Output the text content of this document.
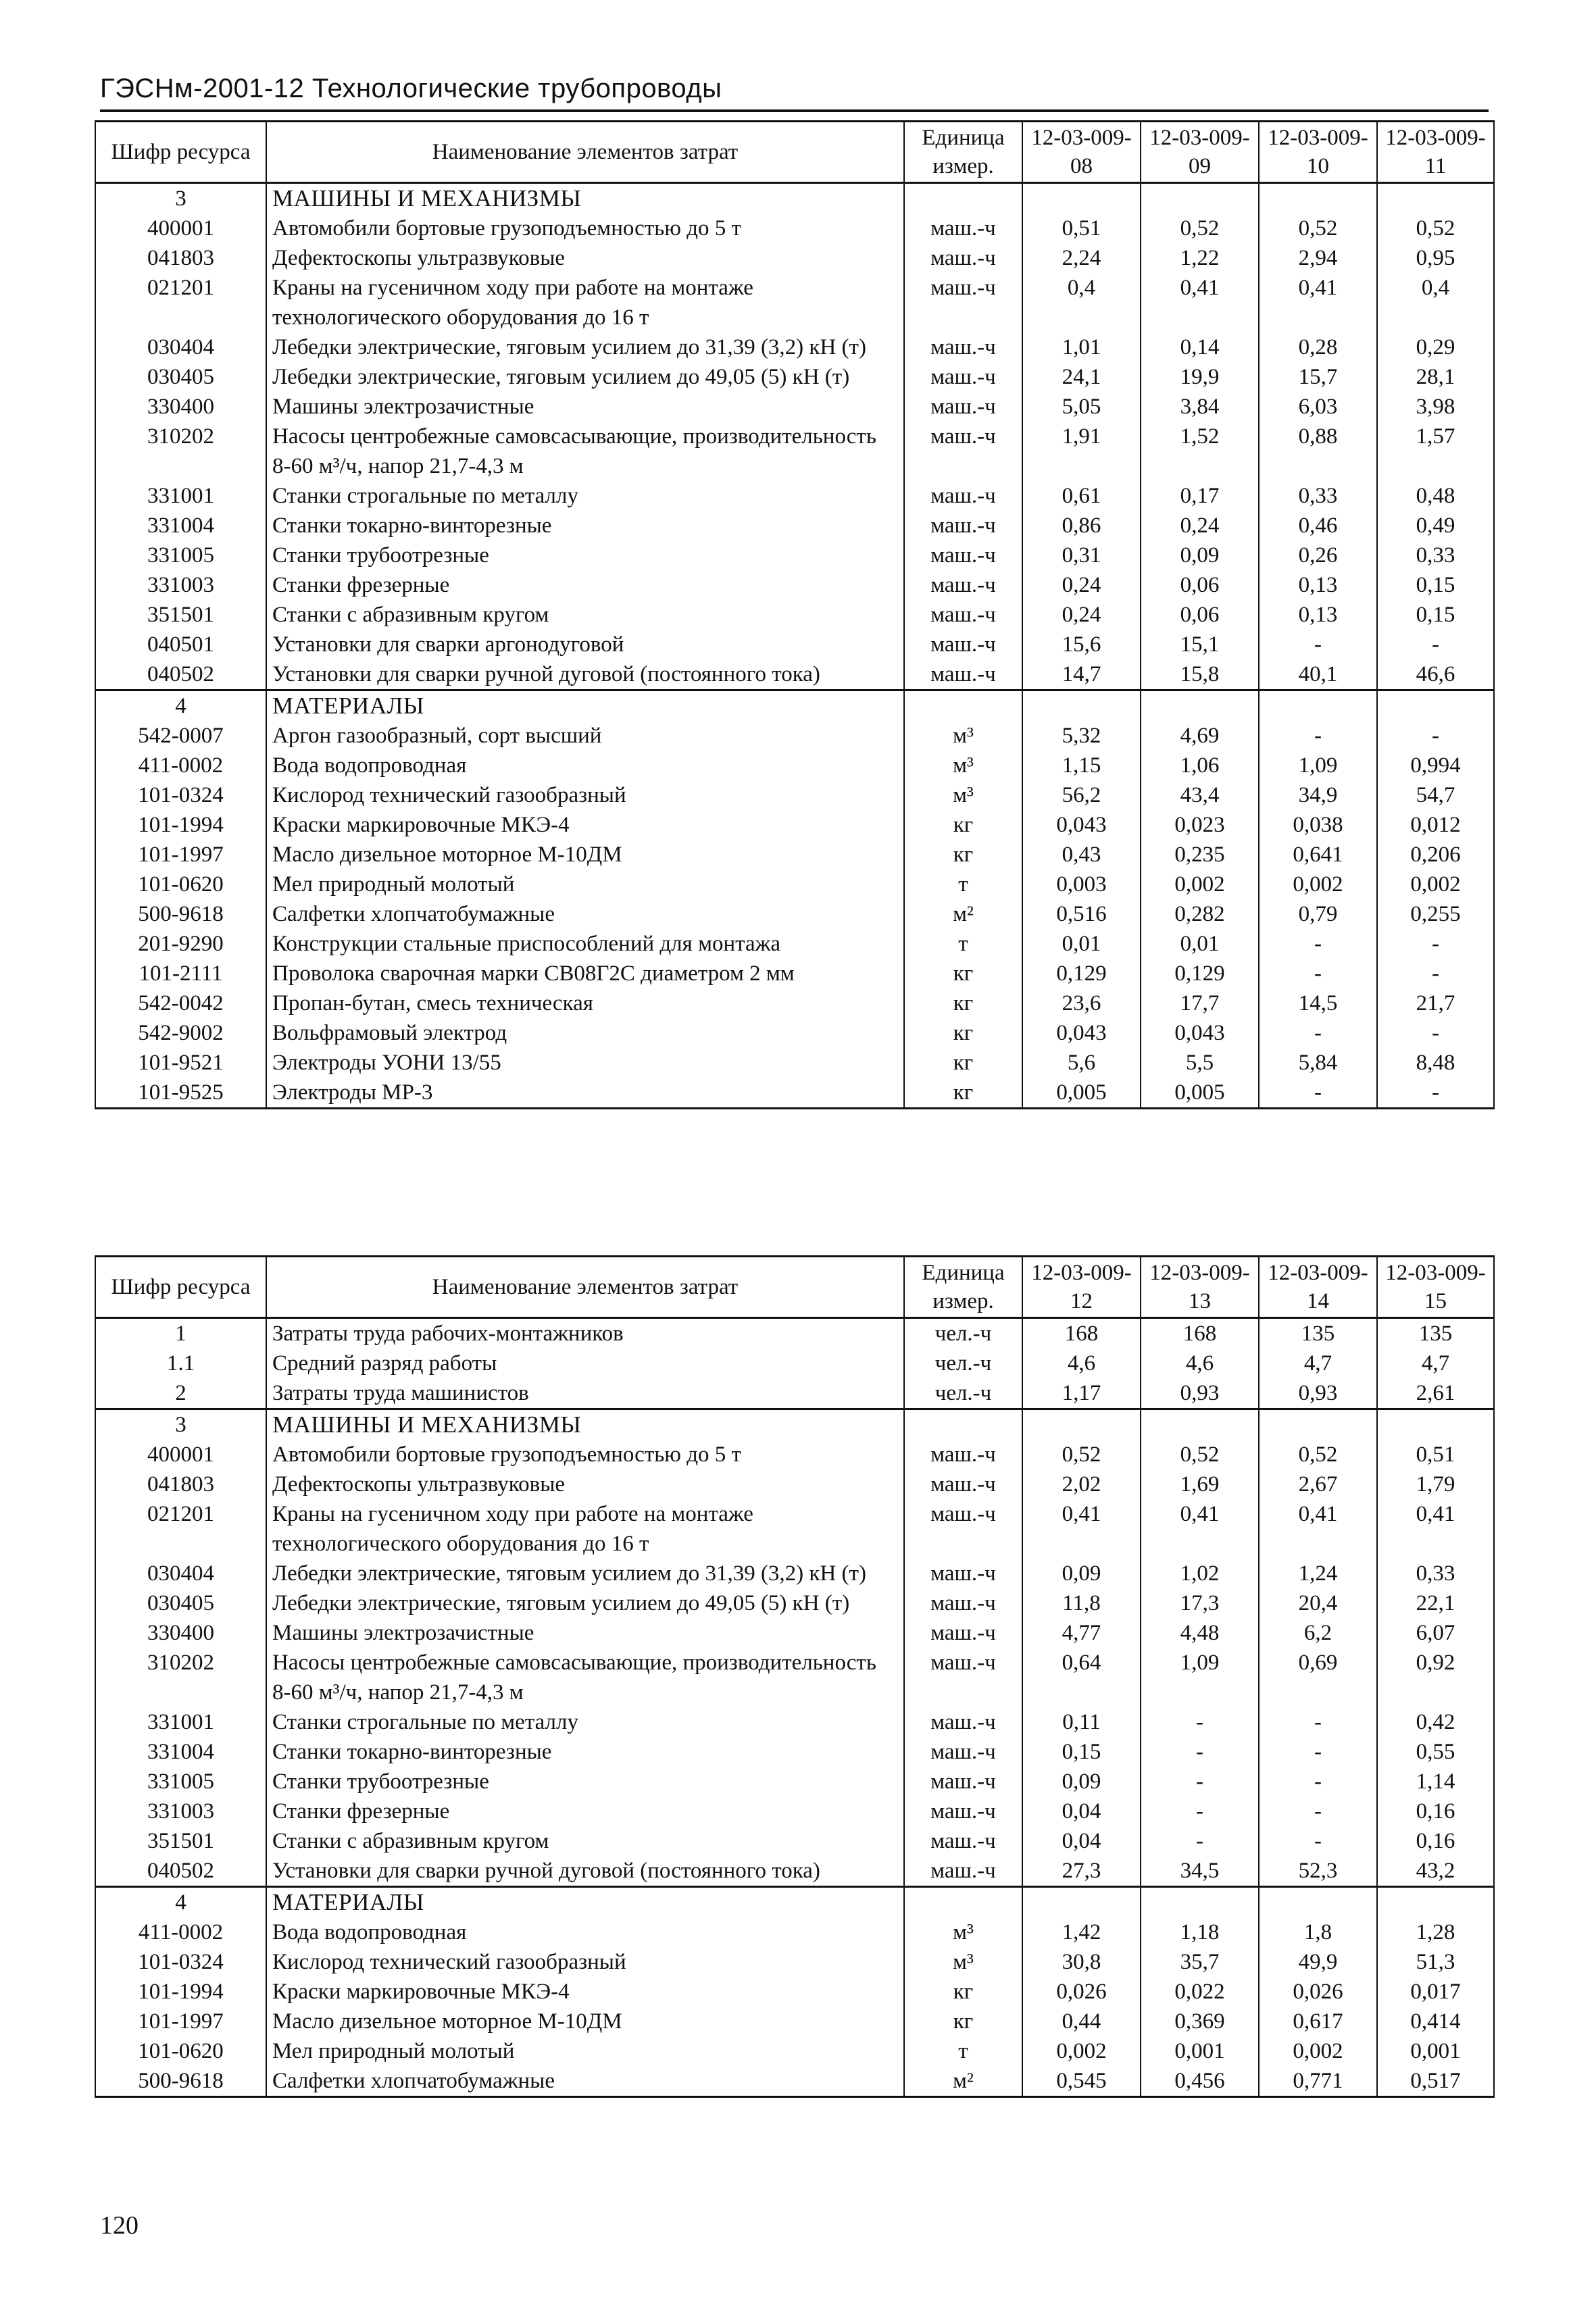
ГЭСНм-2001-12 Технологические трубопроводы
Шифр ресурса	Наименование элементов затрат	Единица измер.	12-03-009-08	12-03-009-09	12-03-009-10	12-03-009-11
3	МАШИНЫ И МЕХАНИЗМЫ					
400001	Автомобили бортовые грузоподъемностью до 5 т	маш.-ч	0,51	0,52	0,52	0,52
041803	Дефектоскопы ультразвуковые	маш.-ч	2,24	1,22	2,94	0,95
021201	Краны на гусеничном ходу при работе на монтаже технологического оборудования до 16 т	маш.-ч	0,4	0,41	0,41	0,4
030404	Лебедки электрические, тяговым усилием до 31,39 (3,2) кН (т)	маш.-ч	1,01	0,14	0,28	0,29
030405	Лебедки электрические, тяговым усилием до 49,05 (5) кН (т)	маш.-ч	24,1	19,9	15,7	28,1
330400	Машины электрозачистные	маш.-ч	5,05	3,84	6,03	3,98
310202	Насосы центробежные самовсасывающие, производительность 8-60 м³/ч, напор 21,7-4,3 м	маш.-ч	1,91	1,52	0,88	1,57
331001	Станки строгальные по металлу	маш.-ч	0,61	0,17	0,33	0,48
331004	Станки токарно-винторезные	маш.-ч	0,86	0,24	0,46	0,49
331005	Станки трубоотрезные	маш.-ч	0,31	0,09	0,26	0,33
331003	Станки фрезерные	маш.-ч	0,24	0,06	0,13	0,15
351501	Станки с абразивным кругом	маш.-ч	0,24	0,06	0,13	0,15
040501	Установки для сварки аргонодуговой	маш.-ч	15,6	15,1	-	-
040502	Установки для сварки ручной дуговой (постоянного тока)	маш.-ч	14,7	15,8	40,1	46,6
4	МАТЕРИАЛЫ					
542-0007	Аргон газообразный, сорт высший	м³	5,32	4,69	-	-
411-0002	Вода водопроводная	м³	1,15	1,06	1,09	0,994
101-0324	Кислород технический газообразный	м³	56,2	43,4	34,9	54,7
101-1994	Краски маркировочные МКЭ-4	кг	0,043	0,023	0,038	0,012
101-1997	Масло дизельное моторное М-10ДМ	кг	0,43	0,235	0,641	0,206
101-0620	Мел природный молотый	т	0,003	0,002	0,002	0,002
500-9618	Салфетки хлопчатобумажные	м²	0,516	0,282	0,79	0,255
201-9290	Конструкции стальные приспособлений для монтажа	т	0,01	0,01	-	-
101-2111	Проволока сварочная марки СВ08Г2С диаметром 2 мм	кг	0,129	0,129	-	-
542-0042	Пропан-бутан, смесь техническая	кг	23,6	17,7	14,5	21,7
542-9002	Вольфрамовый электрод	кг	0,043	0,043	-	-
101-9521	Электроды УОНИ 13/55	кг	5,6	5,5	5,84	8,48
101-9525	Электроды МР-3	кг	0,005	0,005	-	-
Шифр ресурса	Наименование элементов затрат	Единица измер.	12-03-009-12	12-03-009-13	12-03-009-14	12-03-009-15
1	Затраты труда рабочих-монтажников	чел.-ч	168	168	135	135
1.1	Средний разряд работы	чел.-ч	4,6	4,6	4,7	4,7
2	Затраты труда машинистов	чел.-ч	1,17	0,93	0,93	2,61
3	МАШИНЫ И МЕХАНИЗМЫ					
400001	Автомобили бортовые грузоподъемностью до 5 т	маш.-ч	0,52	0,52	0,52	0,51
041803	Дефектоскопы ультразвуковые	маш.-ч	2,02	1,69	2,67	1,79
021201	Краны на гусеничном ходу при работе на монтаже технологического оборудования до 16 т	маш.-ч	0,41	0,41	0,41	0,41
030404	Лебедки электрические, тяговым усилием до 31,39 (3,2) кН (т)	маш.-ч	0,09	1,02	1,24	0,33
030405	Лебедки электрические, тяговым усилием до 49,05 (5) кН (т)	маш.-ч	11,8	17,3	20,4	22,1
330400	Машины электрозачистные	маш.-ч	4,77	4,48	6,2	6,07
310202	Насосы центробежные самовсасывающие, производительность 8-60 м³/ч, напор 21,7-4,3 м	маш.-ч	0,64	1,09	0,69	0,92
331001	Станки строгальные по металлу	маш.-ч	0,11	-	-	0,42
331004	Станки токарно-винторезные	маш.-ч	0,15	-	-	0,55
331005	Станки трубоотрезные	маш.-ч	0,09	-	-	1,14
331003	Станки фрезерные	маш.-ч	0,04	-	-	0,16
351501	Станки с абразивным кругом	маш.-ч	0,04	-	-	0,16
040502	Установки для сварки ручной дуговой (постоянного тока)	маш.-ч	27,3	34,5	52,3	43,2
4	МАТЕРИАЛЫ					
411-0002	Вода водопроводная	м³	1,42	1,18	1,8	1,28
101-0324	Кислород технический газообразный	м³	30,8	35,7	49,9	51,3
101-1994	Краски маркировочные МКЭ-4	кг	0,026	0,022	0,026	0,017
101-1997	Масло дизельное моторное М-10ДМ	кг	0,44	0,369	0,617	0,414
101-0620	Мел природный молотый	т	0,002	0,001	0,002	0,001
500-9618	Салфетки хлопчатобумажные	м²	0,545	0,456	0,771	0,517
120
